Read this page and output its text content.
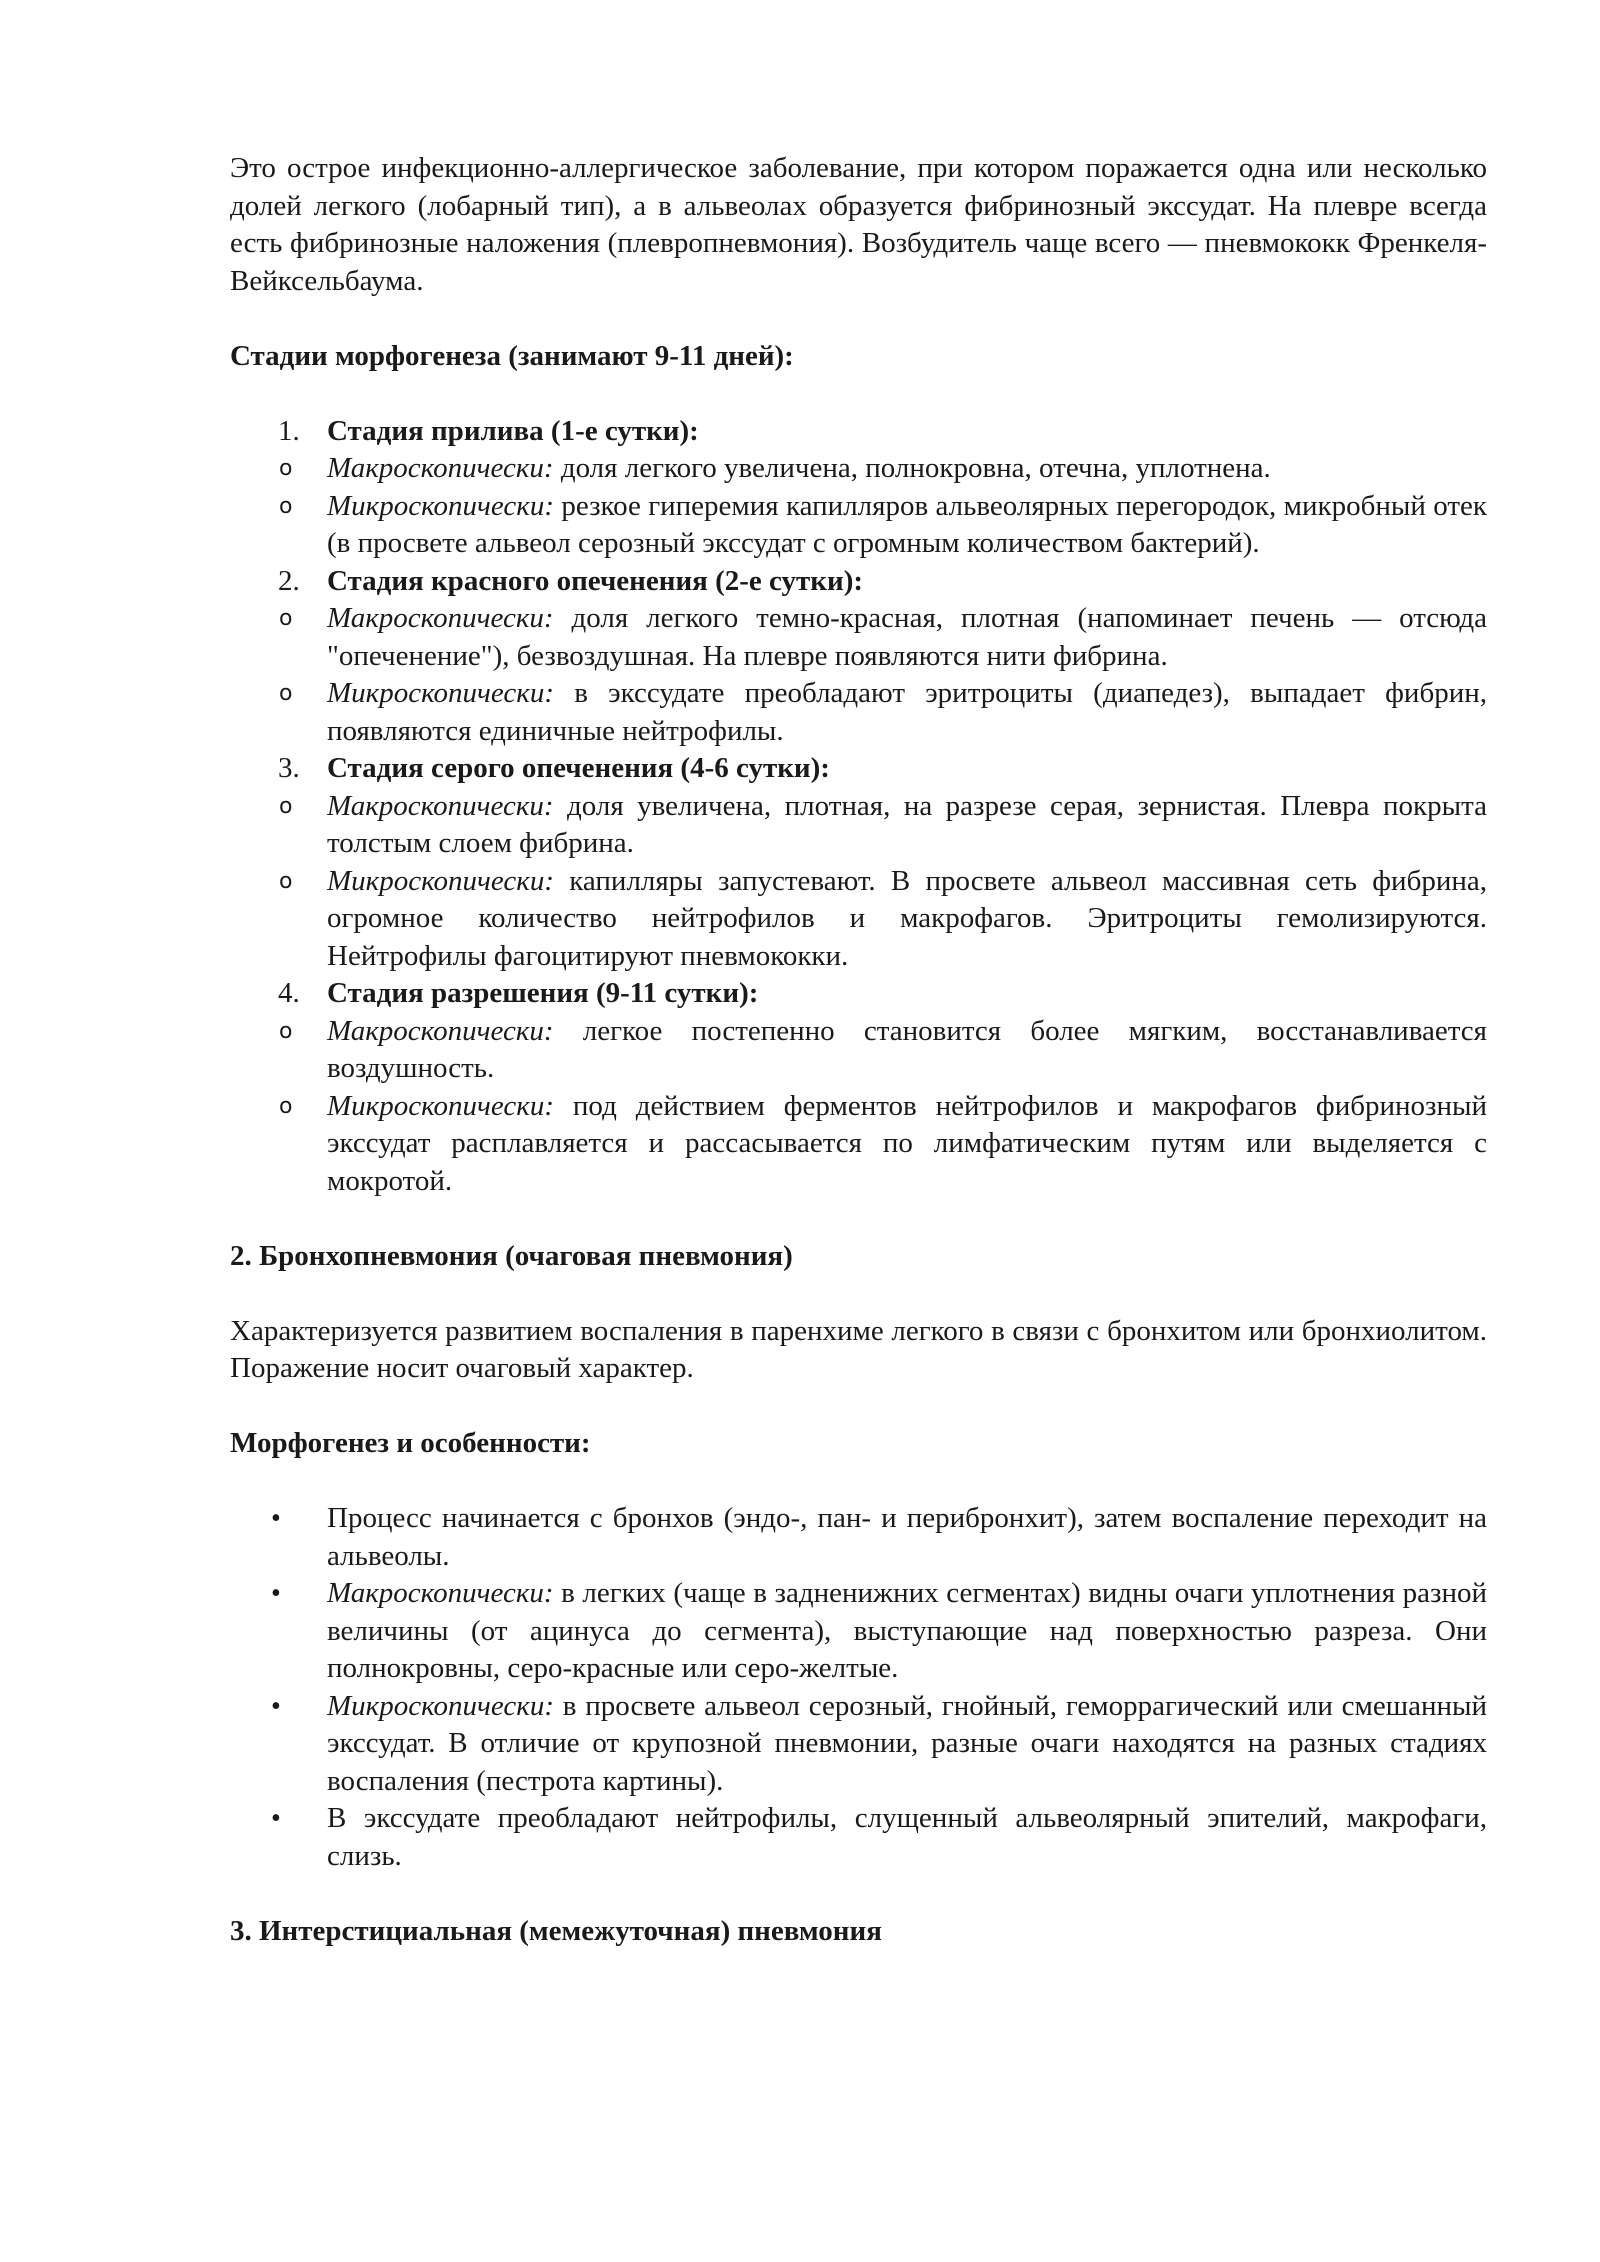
Это острое инфекционно-аллергическое заболевание, при котором поражается одна или несколько долей легкого (лобарный тип), а в альвеолах образуется фибринозный экссудат. На плевре всегда есть фибринозные наложения (плевропневмония). Возбудитель чаще всего — пневмококк Френкеля-Вейксельбаума.

Стадии морфогенеза (занимают 9-11 дней):

1. Стадия прилива (1-е сутки):
o Макроскопически: доля легкого увеличена, полнокровна, отечна, уплотнена.
o Микроскопически: резкое гиперемия капилляров альвеолярных перегородок, микробный отек (в просвете альвеол серозный экссудат с огромным количеством бактерий).
2. Стадия красного опеченения (2-е сутки):
o Макроскопически: доля легкого темно-красная, плотная (напоминает печень — отсюда "опеченение"), безвоздушная. На плевре появляются нити фибрина.
o Микроскопически: в экссудате преобладают эритроциты (диапедез), выпадает фибрин, появляются единичные нейтрофилы.
3. Стадия серого опеченения (4-6 сутки):
o Макроскопически: доля увеличена, плотная, на разрезе серая, зернистая. Плевра покрыта толстым слоем фибрина.
o Микроскопически: капилляры запустевают. В просвете альвеол массивная сеть фибрина, огромное количество нейтрофилов и макрофагов. Эритроциты гемолизируются. Нейтрофилы фагоцитируют пневмококки.
4. Стадия разрешения (9-11 сутки):
o Макроскопически: легкое постепенно становится более мягким, восстанавливается воздушность.
o Микроскопически: под действием ферментов нейтрофилов и макрофагов фибринозный экссудат расплавляется и рассасывается по лимфатическим путям или выделяется с мокротой.

2. Бронхопневмония (очаговая пневмония)

Характеризуется развитием воспаления в паренхиме легкого в связи с бронхитом или бронхиолитом. Поражение носит очаговый характер.

Морфогенез и особенности:

• Процесс начинается с бронхов (эндо-, пан- и перибронхит), затем воспаление переходит на альвеолы.
• Макроскопически: в легких (чаще в задненижних сегментах) видны очаги уплотнения разной величины (от ацинуса до сегмента), выступающие над поверхностью разреза. Они полнокровны, серо-красные или серо-желтые.
• Микроскопически: в просвете альвеол серозный, гнойный, геморрагический или смешанный экссудат. В отличие от крупозной пневмонии, разные очаги находятся на разных стадиях воспаления (пестрота картины).
• В экссудате преобладают нейтрофилы, слущенный альвеолярный эпителий, макрофаги, слизь.

3. Интерстициальная (мемежуточная) пневмония
